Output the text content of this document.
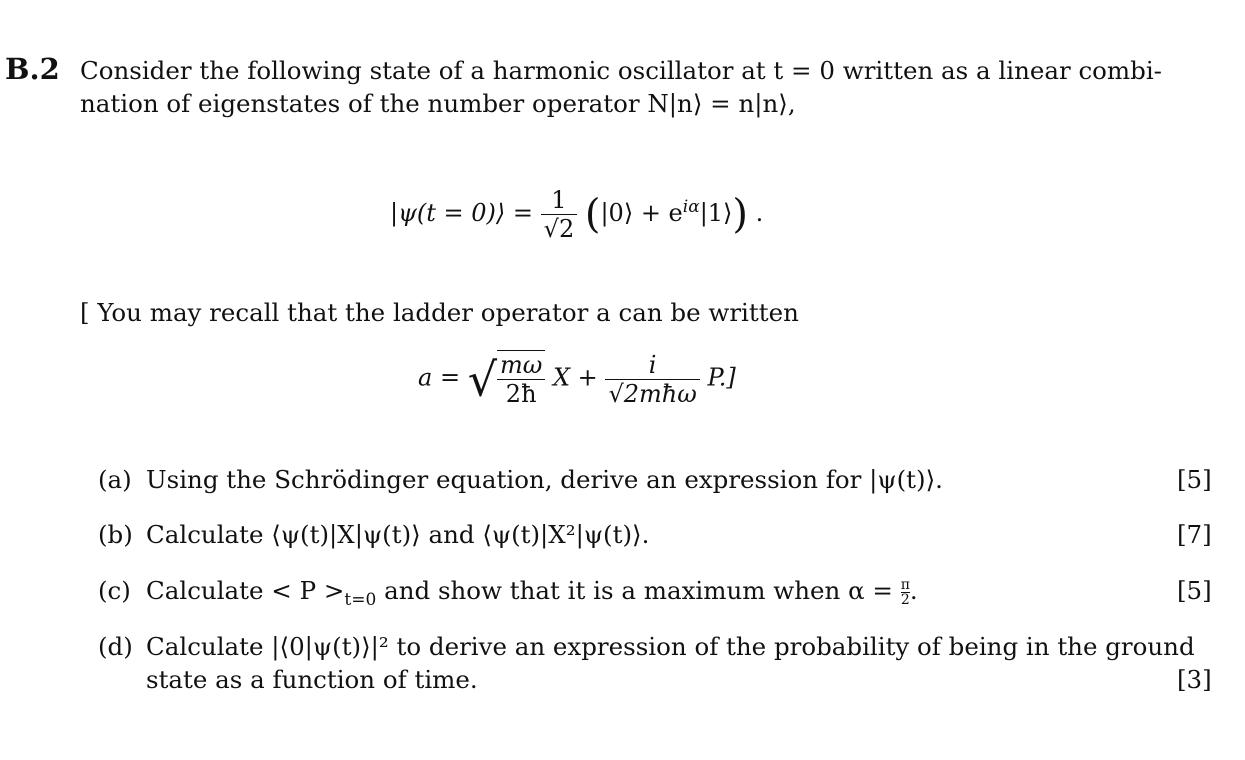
B.2 Consider the following state of a harmonic oscillator at t = 0 written as a linear combi-
nation of eigenstates of the number operator N|n⟩ = n|n⟩,
|ψ(t = 0)⟩ = $\frac{1}{√2}$ (|0⟩ + $e^{i\alpha}|1⟩$) .
[ You may recall that the ladder operator a can be written
a = √ $\frac{m\omega}{2ħ}$ $X + \frac{i}{\text{√2mħω}} P$.]
(a) Using the Schrödinger equation, derive an expression for |ψ(t)⟩.	[5]
(b) Calculate ⟨ψ(t)|X|ψ(t)⟩ and ⟨ψ(t)|X²|ψ(t)⟩.	[7]
(c) Calculate < $P >_{t=0}$ and show that it is a maximum when $\alpha = \frac{\pi}{2}$ .	[5]
(d) Calculate |⟨0|ψ(t)⟩|² to derive an expression of the probability of being in the ground
state as a function of time.	[3]
